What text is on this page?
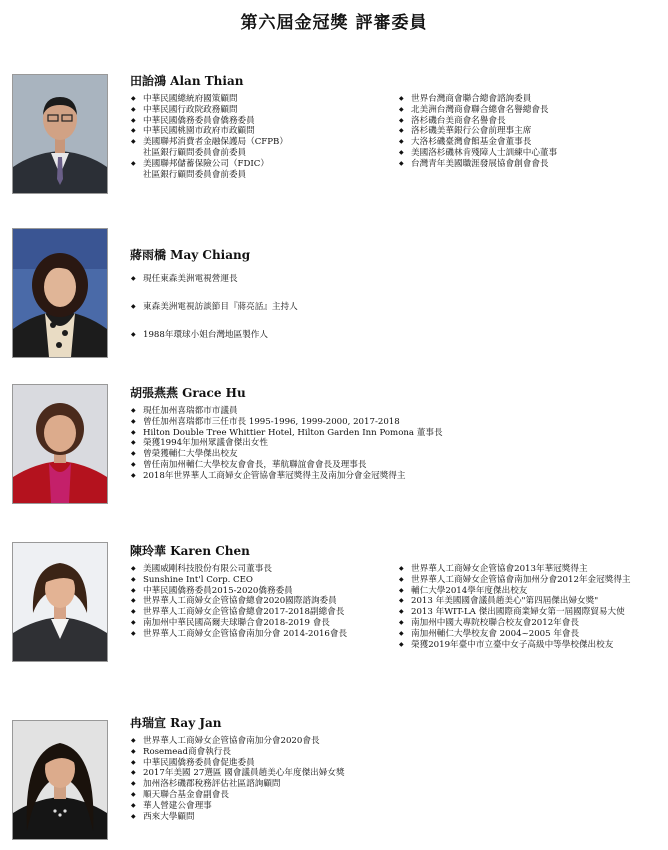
第六屆金冠獎 評審委員
田詒鴻 Alan Thian
◆ 中華民國總統府國策顧問
◆ 中華民國行政院政務顧問
◆ 中華民國僑務委員會僑務委員
◆ 中華民國桃園市政府市政顧問
◆ 美國聯邦消費者金融保護局（CFPB）
社區銀行顧問委員會前委員
◆ 美國聯邦儲蓄保險公司（FDIC）
社區銀行顧問委員會前委員
◆ 世界台灣商會聯合總會諮詢委員
◆ 北美洲台灣商會聯合總會名譽總會長
◆ 洛杉磯台美商會名譽會長
◆ 洛杉磯美華銀行公會前理事主席
◆ 大洛杉磯臺灣會館基金會董事長
◆ 美國洛杉磯林肯殘障人士訓練中心董事
◆ 台灣青年美國職涯發展協會創會會長
蔣雨橋 May Chiang
◆ 現任東森美洲電視營運長
◆ 東森美洲電視訪談節目『蔣亮話』主持人
◆ 1988年環球小姐台灣地區製作人
胡張燕燕 Grace Hu
◆ 現任加州喜瑞都市市議員
◆ 曾任加州喜瑞都市三任市長 1995-1996, 1999-2000, 2017-2018
◆ Hilton Double Tree Whittier Hotel, Hilton Garden Inn Pomona 董事長
◆ 榮獲1994年加州眾議會傑出女性
◆ 曾榮獲輔仁大學傑出校友
◆ 曾任南加州輔仁大學校友會會長，華航聯誼會會長及理事長
◆ 2018年世界華人工商婦女企管協會華冠獎得主及南加分會金冠獎得主
陳玲華 Karen Chen
◆ 美國威剛科技股份有限公司董事長
◆ Sunshine Int'l Corp. CEO
◆ 中華民國僑務委員2015-2020僑務委員
◆ 世界華人工商婦女企管協會總會2020國際諮詢委員
◆ 世界華人工商婦女企管協會總會2017-2018副總會長
◆ 南加州中華民國高爾夫球聯合會2018-2019 會長
◆ 世界華人工商婦女企管協會南加分會 2014-2016會長
◆ 世界華人工商婦女企管協會2013年華冠獎得主
◆ 世界華人工商婦女企管協會南加州分會2012年金冠獎得主
◆ 輔仁大學2014學年度傑出校友
◆ 2013 年美國國會議員趙美心"第四屆傑出婦女獎"
◆ 2013 年WIT-LA 傑出國際商業婦女第一屆國際貿易大使
◆ 南加州中國大專院校聯合校友會2012年會長
◆ 南加州輔仁大學校友會 2004~2005 年會長
◆ 榮獲2019年臺中市立臺中女子高級中等學校傑出校友
冉瑞宣 Ray Jan
◆ 世界華人工商婦女企管協會南加分會2020會長
◆ Rosemead商會執行長
◆ 中華民國僑務委員會促進委員
◆ 2017年美國 27選區 國會議員趙美心年度傑出婦女獎
◆ 加州洛杉磯郡稅務評估社區諮詢顧問
◆ 順天聯合基金會副會長
◆ 華人營建公會理事
◆ 西來大學顧問
